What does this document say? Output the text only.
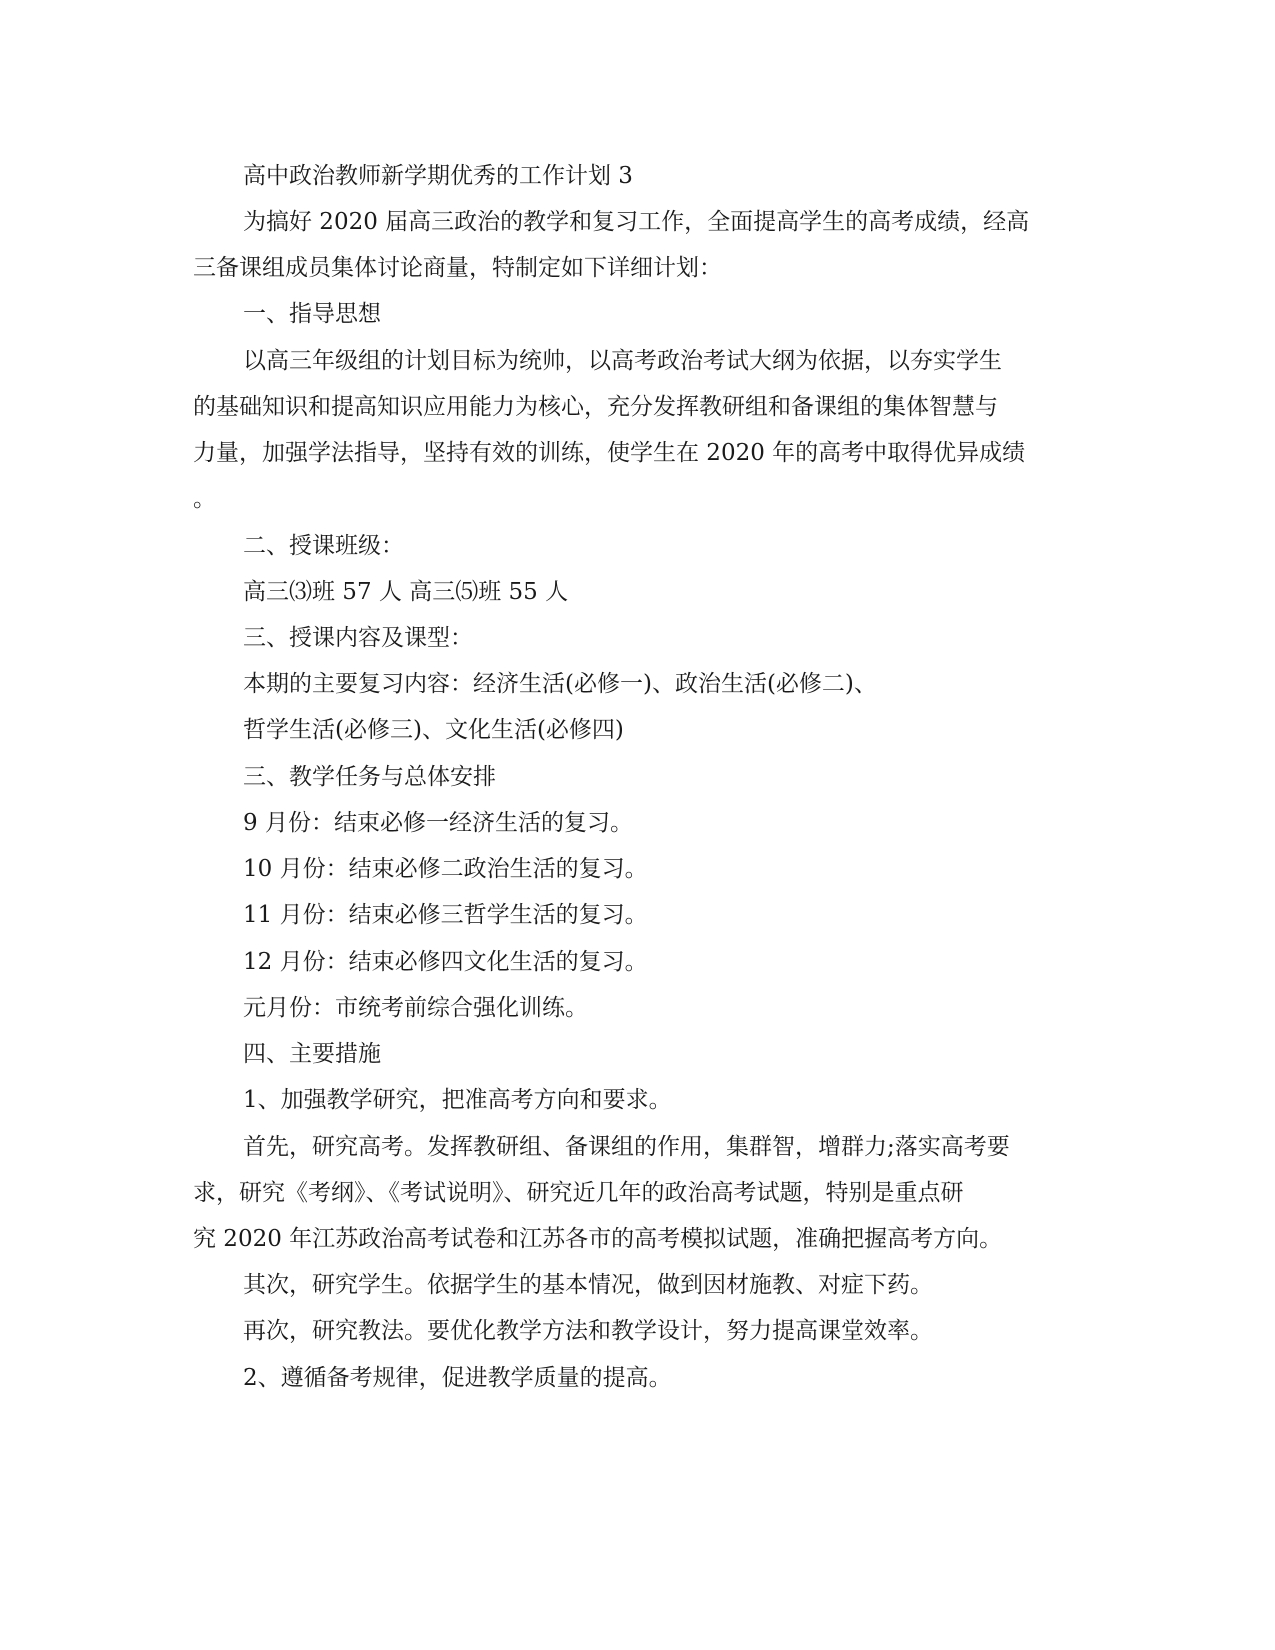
高中政治教师新学期优秀的工作计划 3
为搞好 2020 届高三政治的教学和复习工作，全面提高学生的高考成绩，经高
三备课组成员集体讨论商量，特制定如下详细计划：
一、指导思想
以高三年级组的计划目标为统帅，以高考政治考试大纲为依据，以夯实学生
的基础知识和提高知识应用能力为核心，充分发挥教研组和备课组的集体智慧与
力量，加强学法指导，坚持有效的训练，使学生在 2020 年的高考中取得优异成绩
。
二、授课班级：
高三⑶班 57 人 高三⑸班 55 人
三、授课内容及课型：
本期的主要复习内容：经济生活(必修一)、政治生活(必修二)、
哲学生活(必修三)、文化生活(必修四)
三、教学任务与总体安排
9 月份：结束必修一经济生活的复习。
10 月份：结束必修二政治生活的复习。
11 月份：结束必修三哲学生活的复习。
12 月份：结束必修四文化生活的复习。
元月份：市统考前综合强化训练。
四、主要措施
1、加强教学研究，把准高考方向和要求。
首先，研究高考。发挥教研组、备课组的作用，集群智，增群力;落实高考要
求，研究《考纲》、《考试说明》、研究近几年的政治高考试题，特别是重点研
究 2020 年江苏政治高考试卷和江苏各市的高考模拟试题，准确把握高考方向。
其次，研究学生。依据学生的基本情况，做到因材施教、对症下药。
再次，研究教法。要优化教学方法和教学设计，努力提高课堂效率。
2、遵循备考规律，促进教学质量的提高。
